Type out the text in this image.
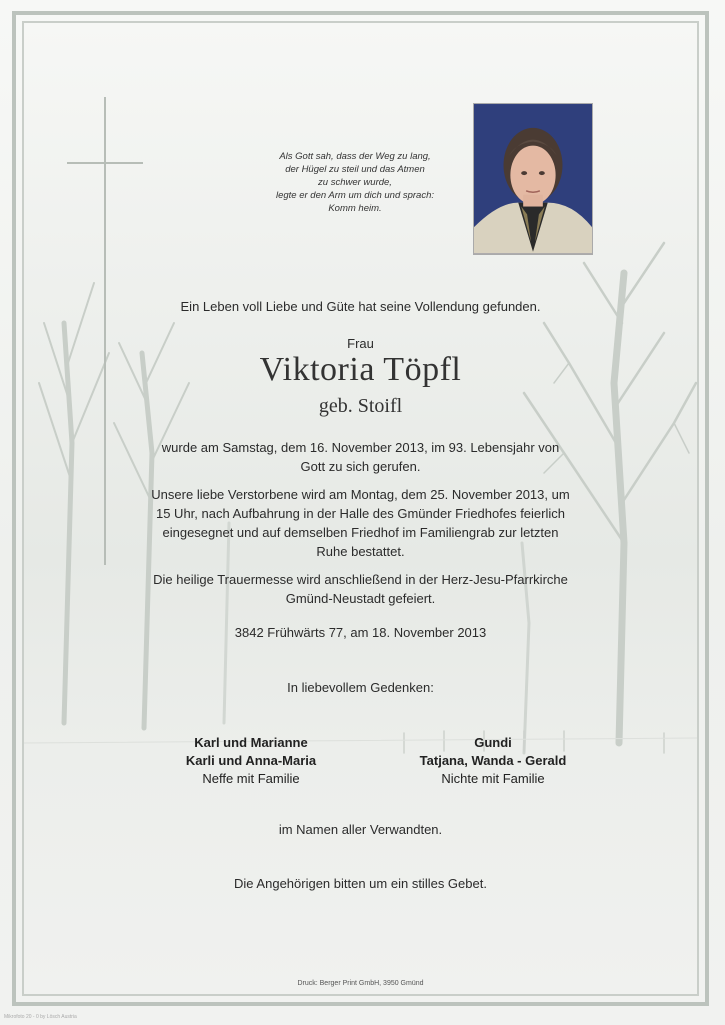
Als Gott sah, dass der Weg zu lang,
der Hügel zu steil und das Atmen
zu schwer wurde,
legte er den Arm um dich und sprach:
Komm heim.
Ein Leben voll Liebe und Güte hat seine Vollendung gefunden.
Frau
Viktoria Töpfl
geb. Stoifl
wurde am Samstag, dem 16. November 2013, im 93. Lebensjahr von
Gott zu sich gerufen.
Unsere liebe Verstorbene wird am Montag, dem 25. November 2013, um
15 Uhr, nach Aufbahrung in der Halle des Gmünder Friedhofes feierlich
eingesegnet und auf demselben Friedhof im Familiengrab zur letzten
Ruhe bestattet.
Die heilige Trauermesse wird anschließend in der Herz-Jesu-Pfarrkirche
Gmünd-Neustadt gefeiert.
3842 Frühwärts 77, am 18. November 2013
In liebevollem Gedenken:
Karl und Marianne
Karli und Anna-Maria
Neffe mit Familie
Gundi
Tatjana, Wanda - Gerald
Nichte mit Familie
im Namen aller Verwandten.
Die Angehörigen bitten um ein stilles Gebet.
Druck: Berger Print GmbH, 3950 Gmünd
Mikrofoto 20 - 0 by Lösch Austria
